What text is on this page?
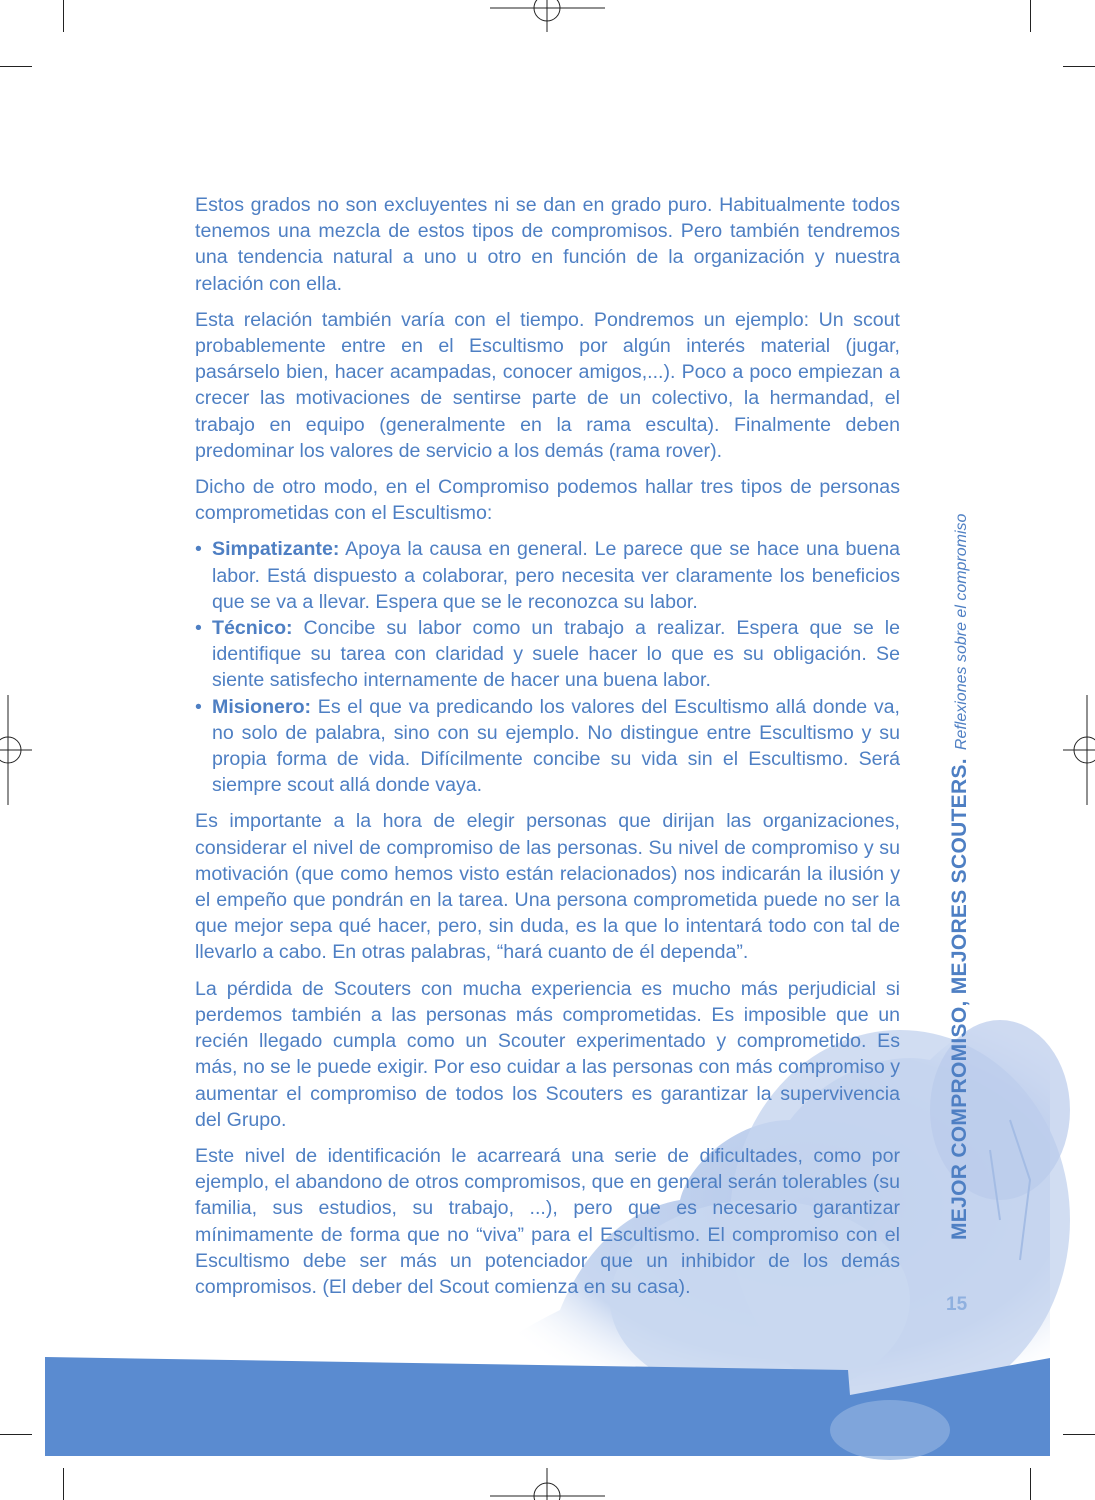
Estos grados no son excluyentes ni se dan en grado puro. Habitualmente todos tenemos una mezcla de estos tipos de compromisos. Pero también tendremos una tendencia natural a uno u otro en función de la organización y nuestra relación con ella.

Esta relación también varía con el tiempo. Pondremos un ejemplo: Un scout probablemente entre en el Escultismo por algún interés material (jugar, pasárselo bien, hacer acampadas, conocer amigos,...). Poco a poco empiezan a crecer las motivaciones de sentirse parte de un colectivo, la hermandad, el trabajo en equipo (generalmente en la rama esculta). Finalmente deben predominar los valores de servicio a los demás (rama rover).

Dicho de otro modo, en el Compromiso podemos hallar tres tipos de personas comprometidas con el Escultismo:

• Simpatizante: Apoya la causa en general. Le parece que se hace una buena labor. Está dispuesto a colaborar, pero necesita ver claramente los beneficios que se va a llevar. Espera que se le reconozca su labor.
• Técnico: Concibe su labor como un trabajo a realizar. Espera que se le identifique su tarea con claridad y suele hacer lo que es su obligación. Se siente satisfecho internamente de hacer una buena labor.
• Misionero: Es el que va predicando los valores del Escultismo allá donde va, no solo de palabra, sino con su ejemplo. No distingue entre Escultismo y su propia forma de vida. Difícilmente concibe su vida sin el Escultismo. Será siempre scout allá donde vaya.

Es importante a la hora de elegir personas que dirijan las organizaciones, considerar el nivel de compromiso de las personas. Su nivel de compromiso y su motivación (que como hemos visto están relacionados) nos indicarán la ilusión y el empeño que pondrán en la tarea. Una persona comprometida puede no ser la que mejor sepa qué hacer, pero, sin duda, es la que lo intentará todo con tal de llevarlo a cabo. En otras palabras, “hará cuanto de él dependa”.

La pérdida de Scouters con mucha experiencia es mucho más perjudicial si perdemos también a las personas más comprometidas. Es imposible que un recién llegado cumpla como un Scouter experimentado y comprometido. Es más, no se le puede exigir. Por eso cuidar a las personas con más compromiso y aumentar el compromiso de todos los Scouters es garantizar la supervivencia del Grupo.

Este nivel de identificación le acarreará una serie de dificultades, como por ejemplo, el abandono de otros compromisos, que en general serán tolerables (su familia, sus estudios, su trabajo, ...), pero que es necesario garantizar mínimamente de forma que no “viva” para el Escultismo. El compromiso con el Escultismo debe ser más un potenciador que un inhibidor de los demás compromisos. (El deber del Scout comienza en su casa).

MEJOR COMPROMISO, MEJORES SCOUTERS.Reflexiones sobre el compromiso
15
